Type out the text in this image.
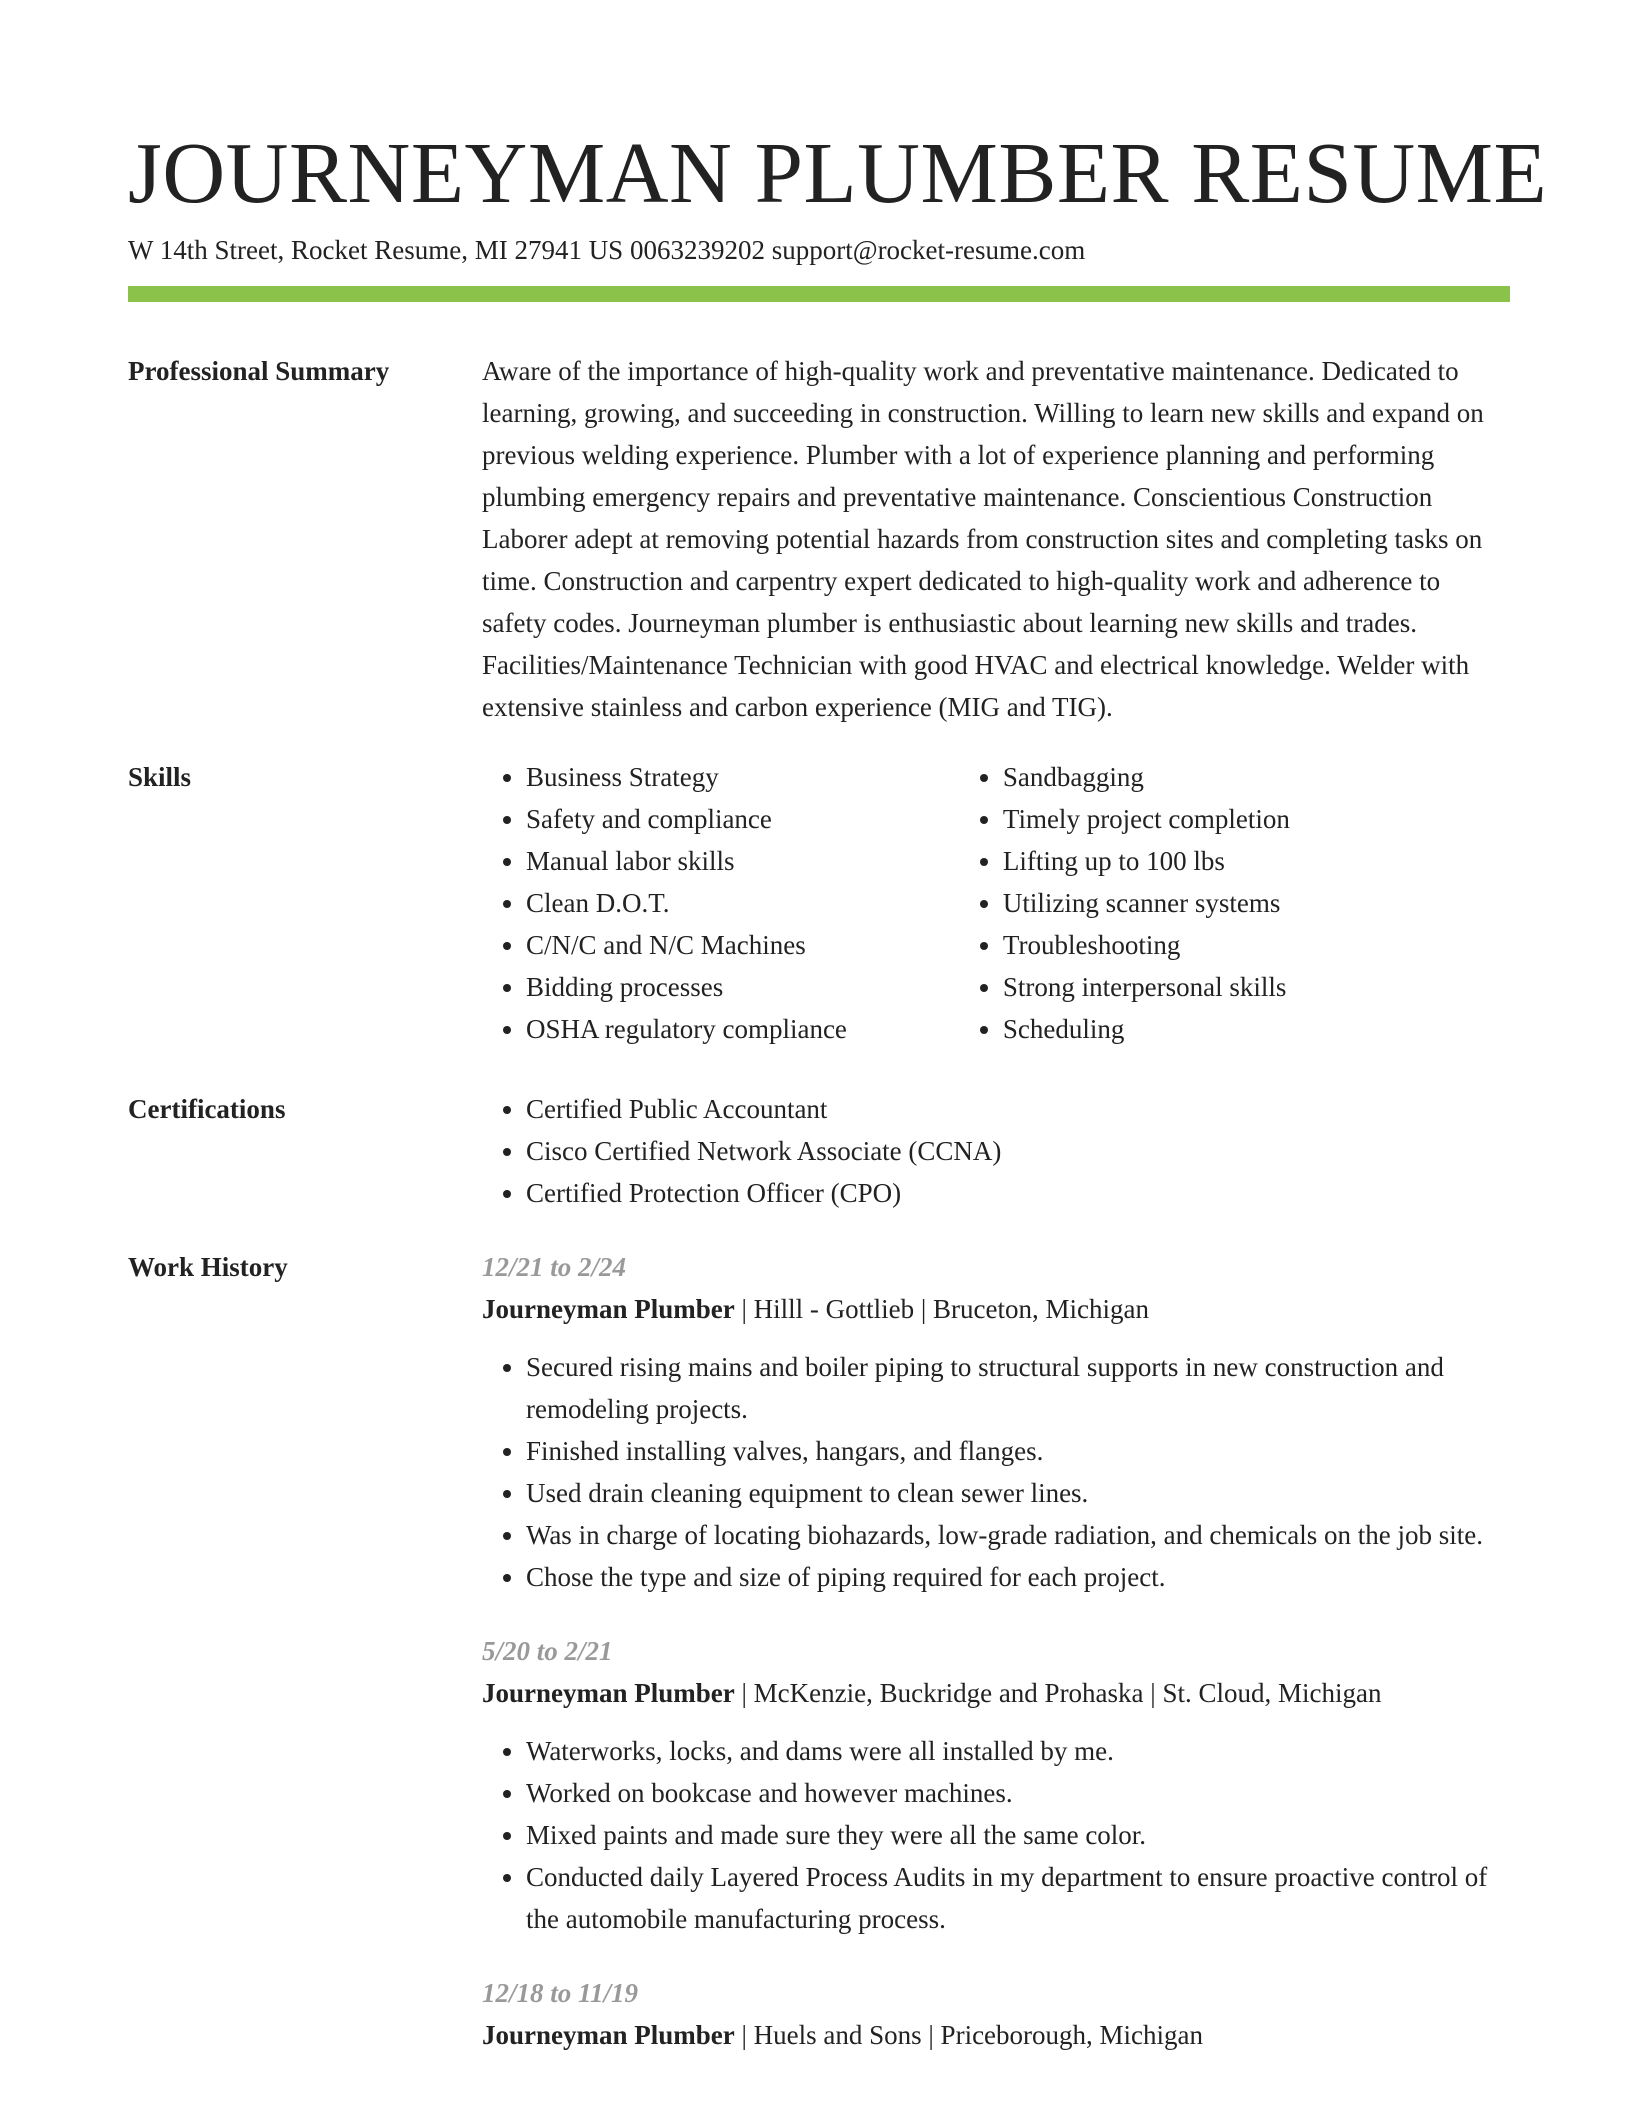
JOURNEYMAN PLUMBER RESUME
W 14th Street, Rocket Resume, MI 27941 US 0063239202 support@rocket-resume.com
Professional Summary	Aware of the importance of high-quality work and preventative maintenance. Dedicated to learning, growing, and succeeding in construction. Willing to learn new skills and expand on previous welding experience. Plumber with a lot of experience planning and performing plumbing emergency repairs and preventative maintenance. Conscientious Construction Laborer adept at removing potential hazards from construction sites and completing tasks on time. Construction and carpentry expert dedicated to high-quality work and adherence to safety codes. Journeyman plumber is enthusiastic about learning new skills and trades. Facilities/Maintenance Technician with good HVAC and electrical knowledge. Welder with extensive stainless and carbon experience (MIG and TIG).

Skills	• Business Strategy
• Safety and compliance
• Manual labor skills
• Clean D.O.T.
• C/N/C and N/C Machines
• Bidding processes
• OSHA regulatory compliance
• Sandbagging
• Timely project completion
• Lifting up to 100 lbs
• Utilizing scanner systems
• Troubleshooting
• Strong interpersonal skills
• Scheduling
Certifications	• Certified Public Accountant
• Cisco Certified Network Associate (CCNA)
• Certified Protection Officer (CPO)
Work History	12/21 to 2/24
Journeyman Plumber | Hilll - Gottlieb | Bruceton, Michigan
• Secured rising mains and boiler piping to structural supports in new construction and remodeling projects.
• Finished installing valves, hangars, and flanges.
• Used drain cleaning equipment to clean sewer lines.
• Was in charge of locating biohazards, low-grade radiation, and chemicals on the job site.
• Chose the type and size of piping required for each project.
5/20 to 2/21
Journeyman Plumber | McKenzie, Buckridge and Prohaska | St. Cloud, Michigan
• Waterworks, locks, and dams were all installed by me.
• Worked on bookcase and however machines.
• Mixed paints and made sure they were all the same color.
• Conducted daily Layered Process Audits in my department to ensure proactive control of the automobile manufacturing process.
12/18 to 11/19
Journeyman Plumber | Huels and Sons | Priceborough, Michigan
